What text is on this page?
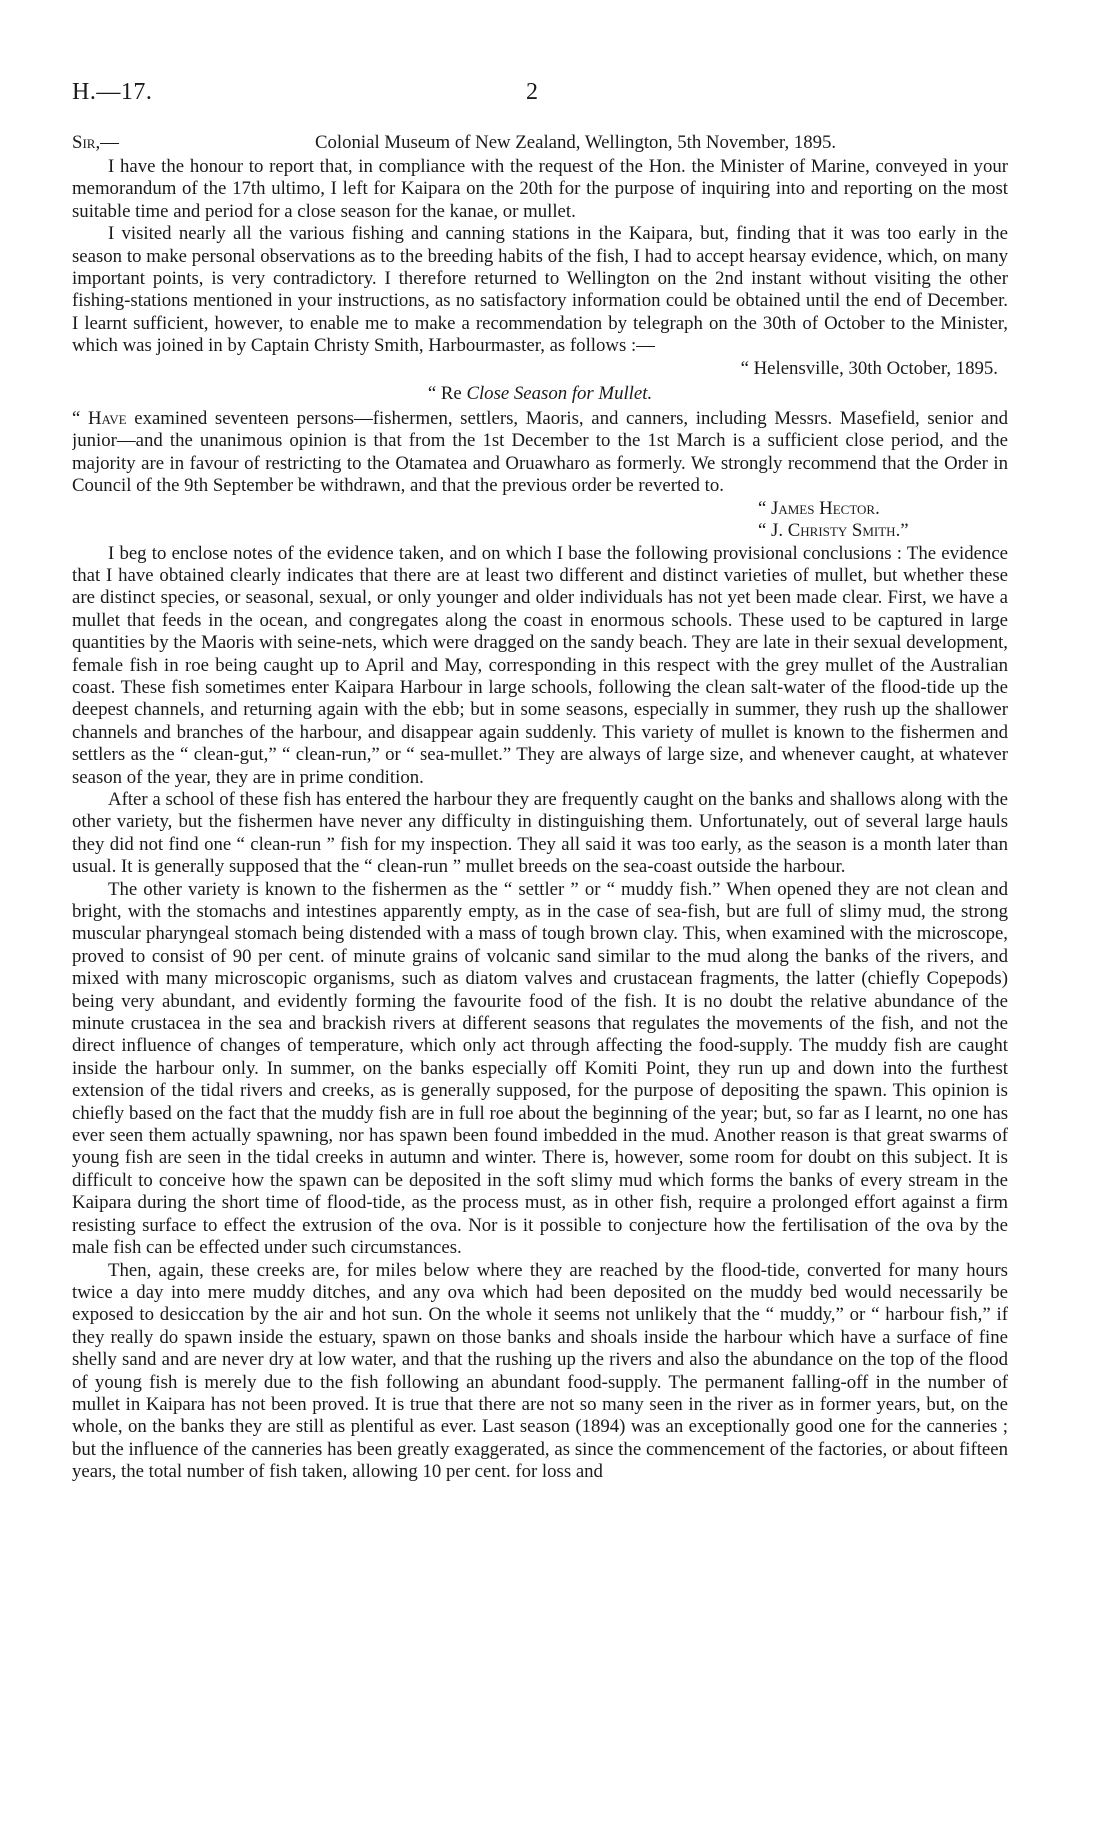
H.—17.	2
Sir,—	Colonial Museum of New Zealand, Wellington, 5th November, 1895.

I have the honour to report that, in compliance with the request of the Hon. the Minister of Marine, conveyed in your memorandum of the 17th ultimo, I left for Kaipara on the 20th for the purpose of inquiring into and reporting on the most suitable time and period for a close season for the kanae, or mullet.

I visited nearly all the various fishing and canning stations in the Kaipara, but, finding that it was too early in the season to make personal observations as to the breeding habits of the fish, I had to accept hearsay evidence, which, on many important points, is very contradictory. I therefore returned to Wellington on the 2nd instant without visiting the other fishing-stations mentioned in your instructions, as no satisfactory information could be obtained until the end of December. I learnt sufficient, however, to enable me to make a recommendation by telegraph on the 30th of October to the Minister, which was joined in by Captain Christy Smith, Harbourmaster, as follows :—

“ Helensville, 30th October, 1895.
“ Re Close Season for Mullet.

“ Have examined seventeen persons—fishermen, settlers, Maoris, and canners, including Messrs. Masefield, senior and junior—and the unanimous opinion is that from the 1st December to the 1st March is a sufficient close period, and the majority are in favour of restricting to the Otamatea and Oruawharo as formerly. We strongly recommend that the Order in Council of the 9th September be withdrawn, and that the previous order be reverted to.

“ James Hector.
“ J. Christy Smith.”

I beg to enclose notes of the evidence taken, and on which I base the following provisional conclusions : The evidence that I have obtained clearly indicates that there are at least two different and distinct varieties of mullet, but whether these are distinct species, or seasonal, sexual, or only younger and older individuals has not yet been made clear. First, we have a mullet that feeds in the ocean, and congregates along the coast in enormous schools. These used to be captured in large quantities by the Maoris with seine-nets, which were dragged on the sandy beach. They are late in their sexual development, female fish in roe being caught up to April and May, corresponding in this respect with the grey mullet of the Australian coast. These fish sometimes enter Kaipara Harbour in large schools, following the clean salt-water of the flood-tide up the deepest channels, and returning again with the ebb; but in some seasons, especially in summer, they rush up the shallower channels and branches of the harbour, and disappear again suddenly. This variety of mullet is known to the fishermen and settlers as the “ clean-gut,” “ clean-run,” or “ sea-mullet.” They are always of large size, and whenever caught, at whatever season of the year, they are in prime condition.

After a school of these fish has entered the harbour they are frequently caught on the banks and shallows along with the other variety, but the fishermen have never any difficulty in distinguishing them. Unfortunately, out of several large hauls they did not find one “ clean-run ” fish for my inspection. They all said it was too early, as the season is a month later than usual. It is generally supposed that the “ clean-run ” mullet breeds on the sea-coast outside the harbour.

The other variety is known to the fishermen as the “ settler ” or “ muddy fish.” When opened they are not clean and bright, with the stomachs and intestines apparently empty, as in the case of sea-fish, but are full of slimy mud, the strong muscular pharyngeal stomach being distended with a mass of tough brown clay. This, when examined with the microscope, proved to consist of 90 per cent. of minute grains of volcanic sand similar to the mud along the banks of the rivers, and mixed with many microscopic organisms, such as diatom valves and crustacean fragments, the latter (chiefly Copepods) being very abundant, and evidently forming the favourite food of the fish. It is no doubt the relative abundance of the minute crustacea in the sea and brackish rivers at different seasons that regulates the movements of the fish, and not the direct influence of changes of temperature, which only act through affecting the food-supply. The muddy fish are caught inside the harbour only. In summer, on the banks especially off Komiti Point, they run up and down into the furthest extension of the tidal rivers and creeks, as is generally supposed, for the purpose of depositing the spawn. This opinion is chiefly based on the fact that the muddy fish are in full roe about the beginning of the year; but, so far as I learnt, no one has ever seen them actually spawning, nor has spawn been found imbedded in the mud. Another reason is that great swarms of young fish are seen in the tidal creeks in autumn and winter. There is, however, some room for doubt on this subject. It is difficult to conceive how the spawn can be deposited in the soft slimy mud which forms the banks of every stream in the Kaipara during the short time of flood-tide, as the process must, as in other fish, require a prolonged effort against a firm resisting surface to effect the extrusion of the ova. Nor is it possible to conjecture how the fertilisation of the ova by the male fish can be effected under such circumstances.

Then, again, these creeks are, for miles below where they are reached by the flood-tide, converted for many hours twice a day into mere muddy ditches, and any ova which had been deposited on the muddy bed would necessarily be exposed to desiccation by the air and hot sun. On the whole it seems not unlikely that the “ muddy,” or “ harbour fish,” if they really do spawn inside the estuary, spawn on those banks and shoals inside the harbour which have a surface of fine shelly sand and are never dry at low water, and that the rushing up the rivers and also the abundance on the top of the flood of young fish is merely due to the fish following an abundant food-supply. The permanent falling-off in the number of mullet in Kaipara has not been proved. It is true that there are not so many seen in the river as in former years, but, on the whole, on the banks they are still as plentiful as ever. Last season (1894) was an exceptionally good one for the canneries ; but the influence of the canneries has been greatly exaggerated, as since the commencement of the factories, or about fifteen years, the total number of fish taken, allowing 10 per cent. for loss and
